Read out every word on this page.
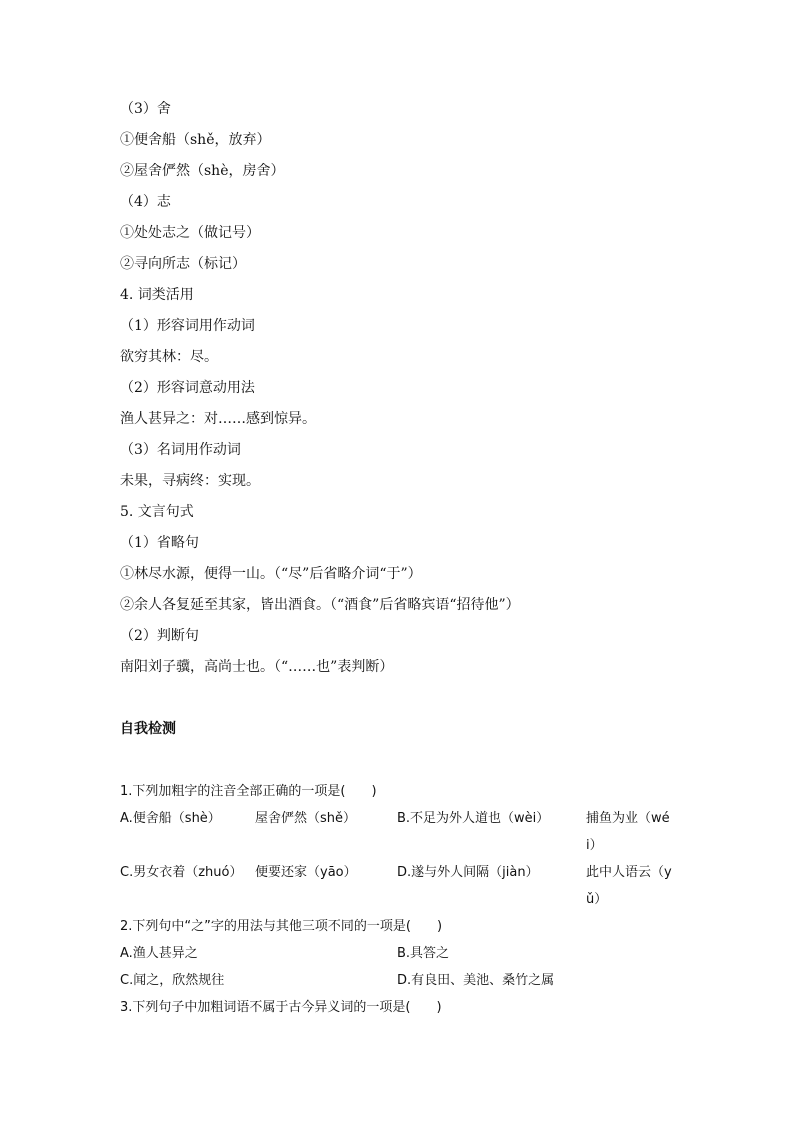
（3）舍
①便舍船（shě，放弃）
②屋舍俨然（shè，房舍）
（4）志
①处处志之（做记号）
②寻向所志（标记）
4. 词类活用
（1）形容词用作动词
欲穷其林：尽。
（2）形容词意动用法
渔人甚异之：对……感到惊异。
（3）名词用作动词
未果，寻病终：实现。
5. 文言句式
（1）省略句
①林尽水源，便得一山。（“尽”后省略介词“于”）
②余人各复延至其家，皆出酒食。（“酒食”后省略宾语“招待他”）
（2）判断句
南阳刘子骥，高尚士也。（“……也”表判断）
自我检测
1.下列加粗字的注音全部正确的一项是(　　)
A.便舍船（shè）	屋舍俨然（shě）	B.不足为外人道也（wèi）	捕鱼为业（wéi）
C.男女衣着（zhuó） 便要还家（yāo）	D.遂与外人间隔（jiàn）	此中人语云（yǔ）
2.下列句中“之”字的用法与其他三项不同的一项是(　　)
A.渔人甚异之	B.具答之
C.闻之，欣然规往	D.有良田、美池、桑竹之属
3.下列句子中加粗词语不属于古今异义词的一项是(　　)
